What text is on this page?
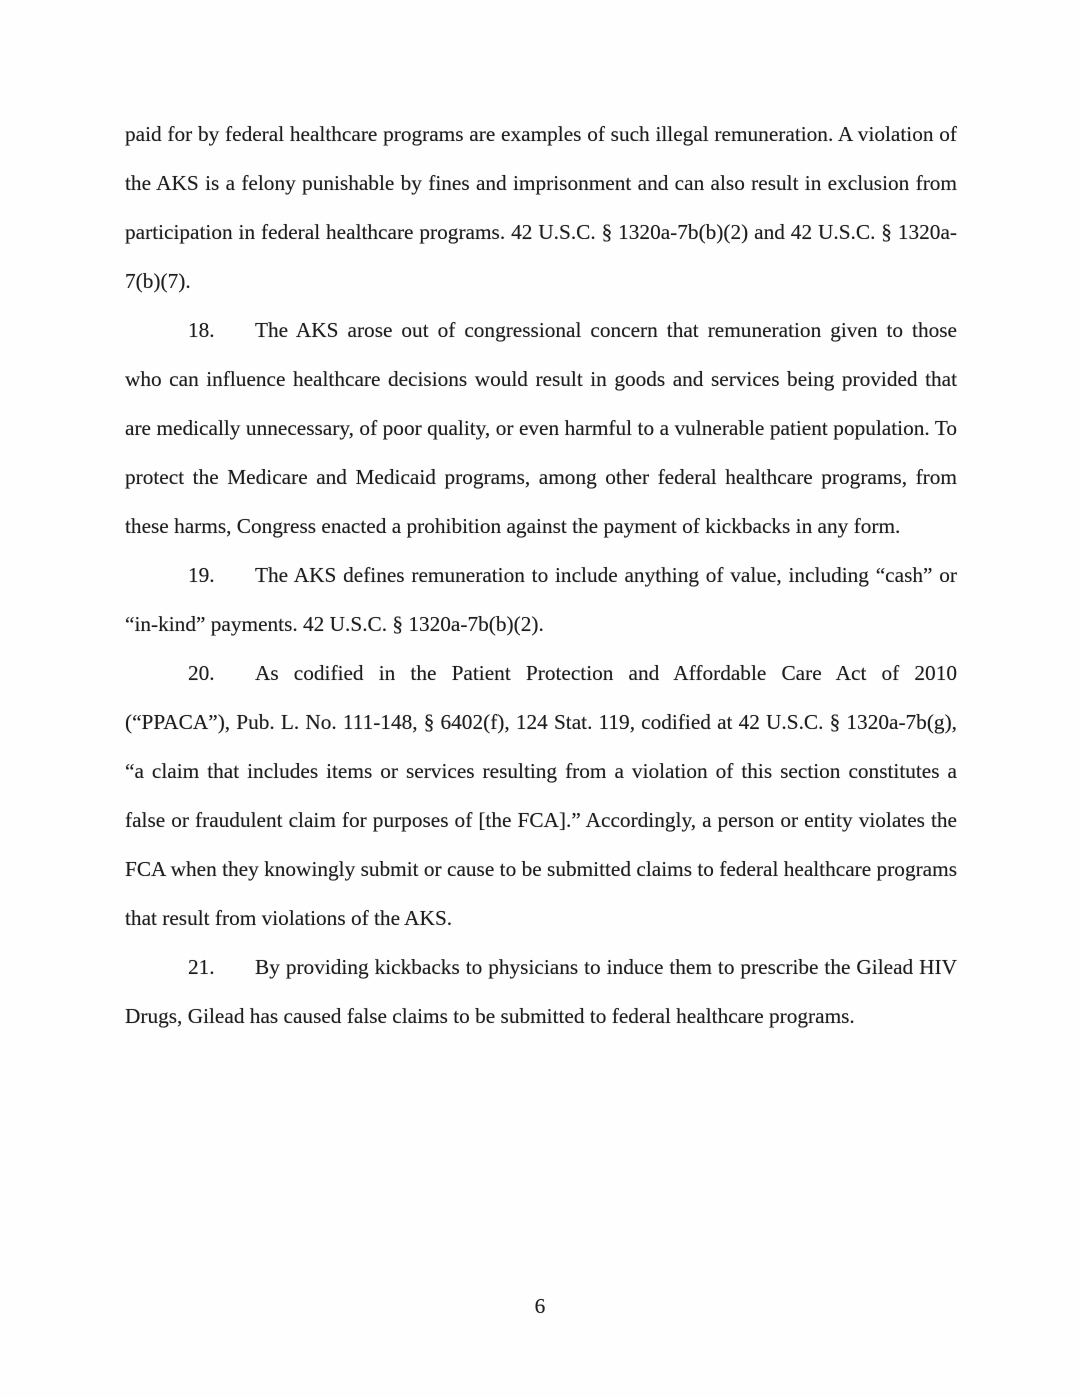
paid for by federal healthcare programs are examples of such illegal remuneration. A violation of the AKS is a felony punishable by fines and imprisonment and can also result in exclusion from participation in federal healthcare programs. 42 U.S.C. § 1320a-7b(b)(2) and 42 U.S.C. § 1320a-7(b)(7).

18. The AKS arose out of congressional concern that remuneration given to those who can influence healthcare decisions would result in goods and services being provided that are medically unnecessary, of poor quality, or even harmful to a vulnerable patient population. To protect the Medicare and Medicaid programs, among other federal healthcare programs, from these harms, Congress enacted a prohibition against the payment of kickbacks in any form.

19. The AKS defines remuneration to include anything of value, including “cash” or “in-kind” payments. 42 U.S.C. § 1320a-7b(b)(2).

20. As codified in the Patient Protection and Affordable Care Act of 2010 (“PPACA”), Pub. L. No. 111-148, § 6402(f), 124 Stat. 119, codified at 42 U.S.C. § 1320a-7b(g), “a claim that includes items or services resulting from a violation of this section constitutes a false or fraudulent claim for purposes of [the FCA].” Accordingly, a person or entity violates the FCA when they knowingly submit or cause to be submitted claims to federal healthcare programs that result from violations of the AKS.

21. By providing kickbacks to physicians to induce them to prescribe the Gilead HIV Drugs, Gilead has caused false claims to be submitted to federal healthcare programs.

6
